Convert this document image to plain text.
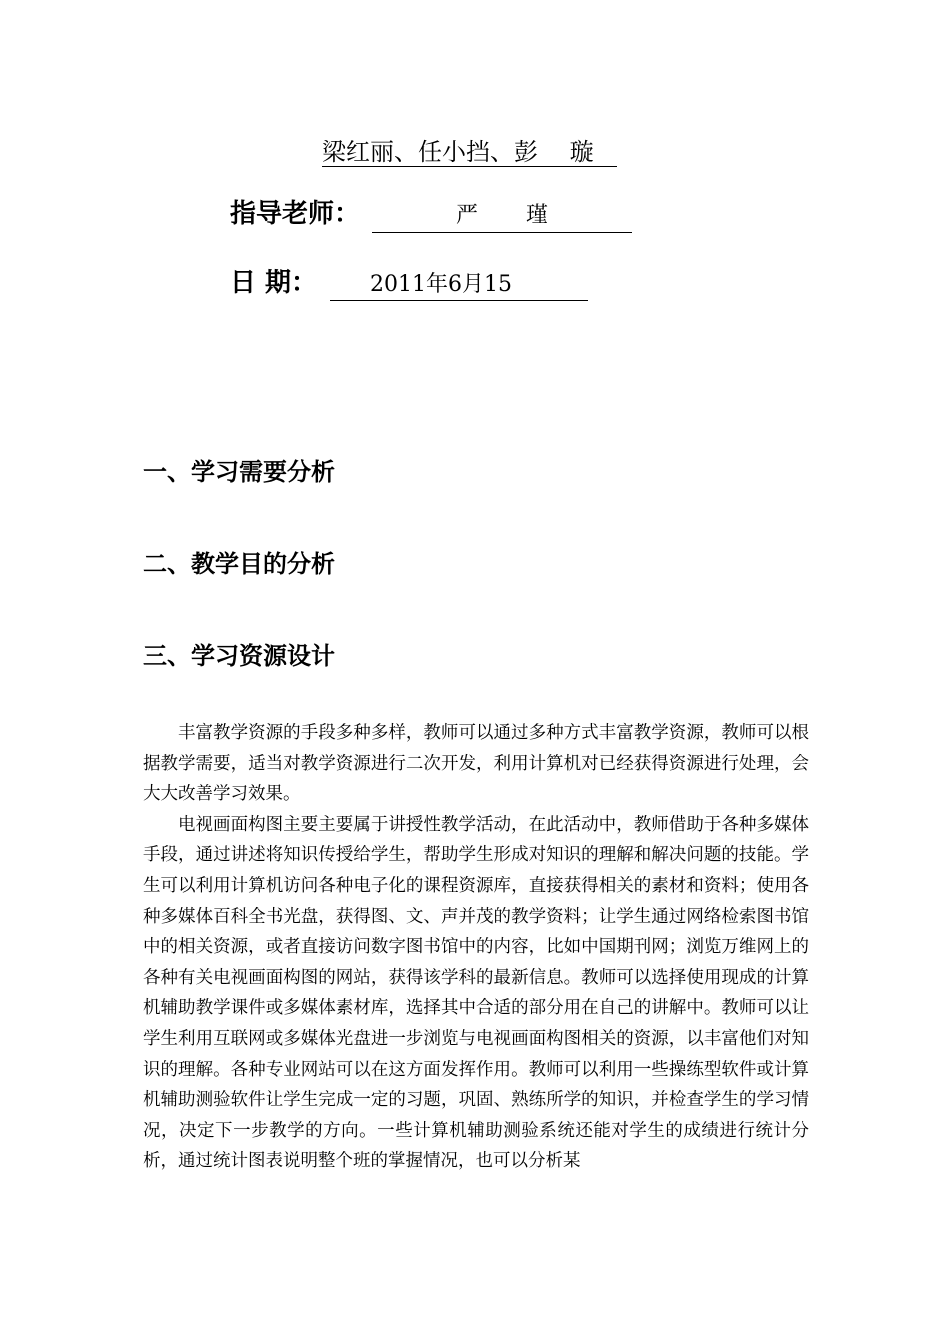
梁红丽、任小挡、彭 　璇
指导老师：	严瑾
日 期：	2011年6月15
一、学习需要分析
二、教学目的分析
三、学习资源设计

丰富教学资源的手段多种多样，教师可以通过多种方式丰富教学资源，教师可以根据教学需要，适当对教学资源进行二次开发，利用计算机对已经获得资源进行处理，会大大改善学习效果。

电视画面构图主要主要属于讲授性教学活动，在此活动中，教师借助于各种多媒体手段，通过讲述将知识传授给学生，帮助学生形成对知识的理解和解决问题的技能。学生可以利用计算机访问各种电子化的课程资源库，直接获得相关的素材和资料；使用各种多媒体百科全书光盘，获得图、文、声并茂的教学资料；让学生通过网络检索图书馆中的相关资源，或者直接访问数字图书馆中的内容，比如中国期刊网；浏览万维网上的各种有关电视画面构图的网站，获得该学科的最新信息。教师可以选择使用现成的计算机辅助教学课件或多媒体素材库，选择其中合适的部分用在自己的讲解中。教师可以让学生利用互联网或多媒体光盘进一步浏览与电视画面构图相关的资源，以丰富他们对知识的理解。各种专业网站可以在这方面发挥作用。教师可以利用一些操练型软件或计算机辅助测验软件让学生完成一定的习题，巩固、熟练所学的知识，并检查学生的学习情况，决定下一步教学的方向。一些计算机辅助测验系统还能对学生的成绩进行统计分析，通过统计图表说明整个班的掌握情况，也可以分析某
